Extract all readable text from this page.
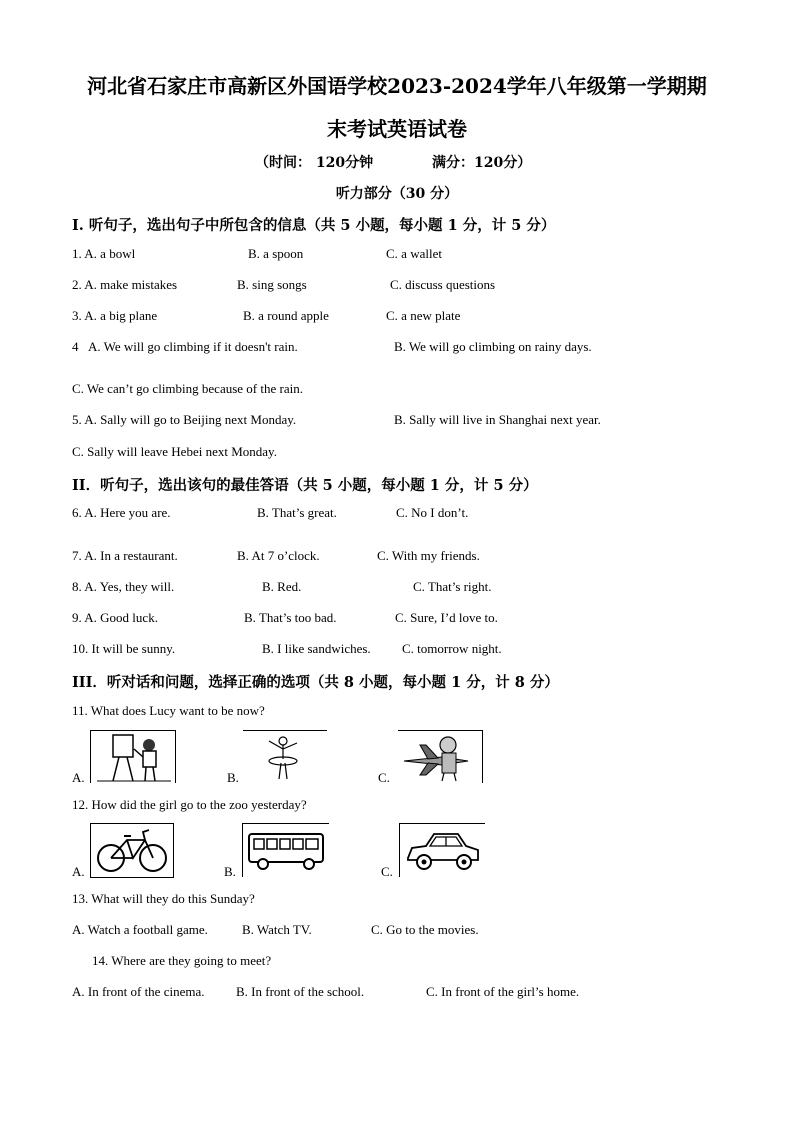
河北省石家庄市高新区外国语学校2023-2024学年八年级第一学期期
末考试英语试卷
（时间： 120分钟	满分：120分）
听力部分（30 分）
I. 听句子，选出句子中所包含的信息（共 5 小题，每小题 1 分，计 5 分）
1. A. a bowl	B. a spoon	C. a wallet
2. A. make mistakes	B. sing songs	C. discuss questions
3. A. a big plane	B. a round apple	C. a new plate
4 A. We will go climbing if it doesn't rain.	B. We will go climbing on rainy days.
C. We can’t go climbing because of the rain.
5. A. Sally will go to Beijing next Monday.	B. Sally will live in Shanghai next year.
C. Sally will leave Hebei next Monday.
II．听句子，选出该句的最佳答语（共 5 小题，每小题 1 分，计 5 分）
6. A. Here you are.	B. That’s great.	C. No I don’t.
7. A. In a restaurant.	B. At 7 o’clock.	C. With my friends.
8. A. Yes, they will.	B. Red.	C. That’s right.
9. A. Good luck.	B. That’s too bad.	C. Sure, I’d love to.
10. It will be sunny.	B. I like sandwiches. C. tomorrow night.
III．听对话和问题，选择正确的选项（共 8 小题，每小题 1 分，计 8 分）
11. What does Lucy want to be now?
A.	B.	C.
12. How did the girl go to the zoo yesterday?
A.	B.	C.
13. What will they do this Sunday?
A. Watch a football game.	B. Watch TV.	C. Go to the movies.
14. Where are they going to meet?
A. In front of the cinema. B. In front of the school.	C. In front of the girl’s home.
